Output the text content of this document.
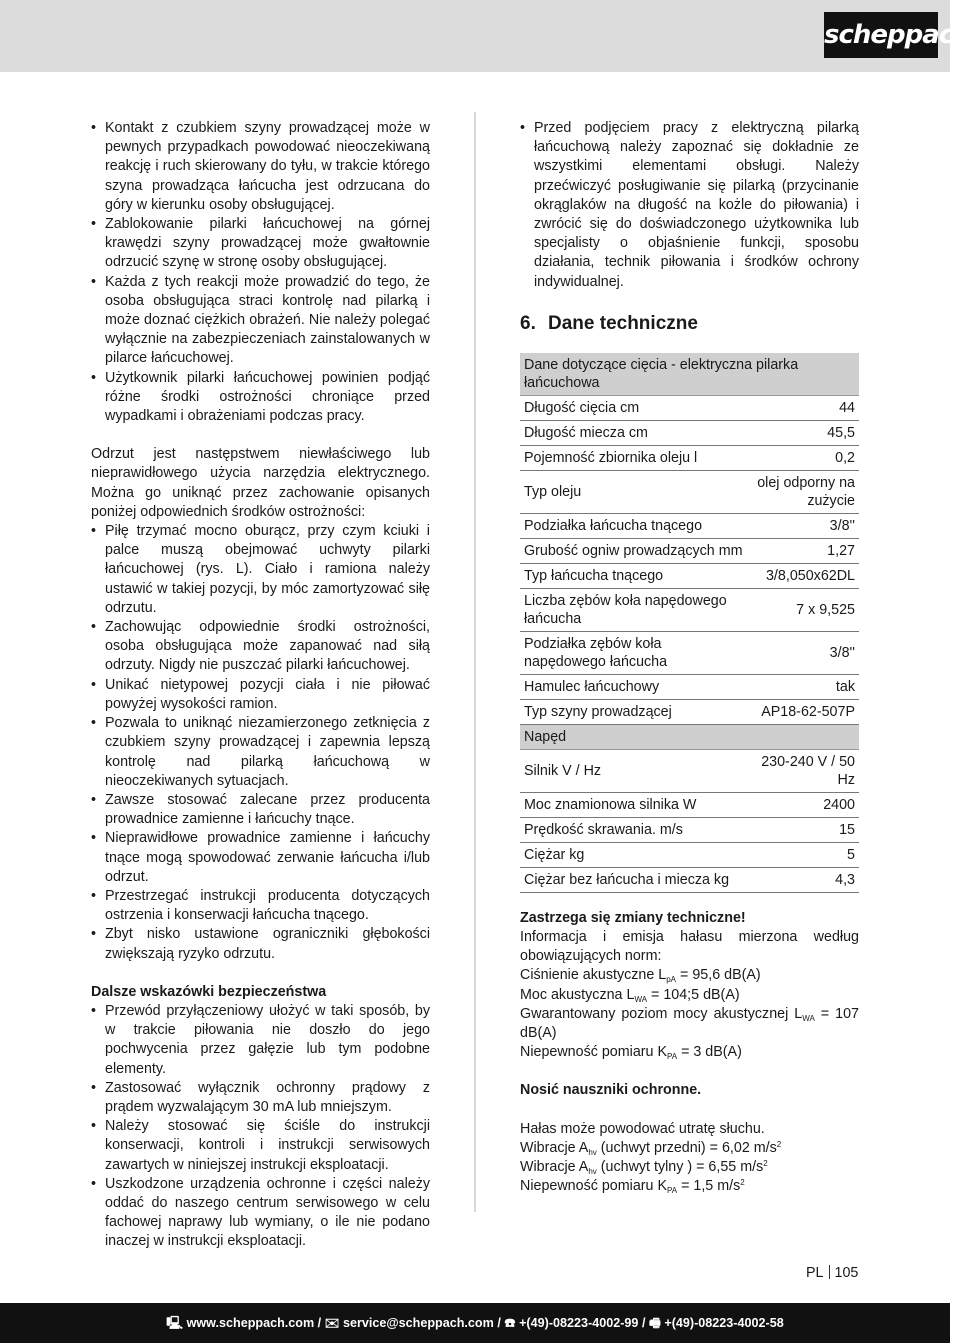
scheppach
• Kontakt z czubkiem szyny prowadzącej może w pewnych przypadkach powodować nieoczekiwaną reakcję i ruch skierowany do tyłu, w trakcie którego szyna prowadząca łańcucha jest odrzucana do góry w kierunku osoby obsługującej.
• Zablokowanie pilarki łańcuchowej na górnej krawędzi szyny prowadzącej może gwałtownie odrzucić szynę w stronę osoby obsługującej.
• Każda z tych reakcji może prowadzić do tego, że osoba obsługująca straci kontrolę nad pilarką i może doznać ciężkich obrażeń. Nie należy polegać wyłącznie na zabezpieczeniach zainstalowanych w pilarce łańcuchowej.
• Użytkownik pilarki łańcuchowej powinien podjąć różne środki ostrożności chroniące przed wypadkami i obrażeniami podczas pracy.

Odrzut jest następstwem niewłaściwego lub nieprawidłowego użycia narzędzia elektrycznego. Można go uniknąć przez zachowanie opisanych poniżej odpowiednich środków ostrożności:

• Piłę trzymać mocno oburącz, przy czym kciuki i palce muszą obejmować uchwyty pilarki łańcuchowej (rys. L). Ciało i ramiona należy ustawić w takiej pozycji, by móc zamortyzować siłę odrzutu.
• Zachowując odpowiednie środki ostrożności, osoba obsługująca może zapanować nad siłą odrzuty. Nigdy nie puszczać pilarki łańcuchowej.
• Unikać nietypowej pozycji ciała i nie piłować powyżej wysokości ramion.
• Pozwala to uniknąć niezamierzonego zetknięcia z czubkiem szyny prowadzącej i zapewnia lepszą kontrolę nad pilarką łańcuchową w nieoczekiwanych sytuacjach.
• Zawsze stosować zalecane przez producenta prowadnice zamienne i łańcuchy tnące.
• Nieprawidłowe prowadnice zamienne i łańcuchy tnące mogą spowodować zerwanie łańcucha i/lub odrzut.
• Przestrzegać instrukcji producenta dotyczących ostrzenia i konserwacji łańcucha tnącego.
• Zbyt nisko ustawione ograniczniki głębokości zwiększają ryzyko odrzutu.

Dalsze wskazówki bezpieczeństwa

• Przewód przyłączeniowy ułożyć w taki sposób, by w trakcie piłowania nie doszło do jego pochwycenia przez gałęzie lub tym podobne elementy.
• Zastosować wyłącznik ochronny prądowy z prądem wyzwalającym 30 mA lub mniejszym.
• Należy stosować się ściśle do instrukcji konserwacji, kontroli i instrukcji serwisowych zawartych w niniejszej instrukcji eksploatacji.
• Uszkodzone urządzenia ochronne i części należy oddać do naszego centrum serwisowego w celu fachowej naprawy lub wymiany, o ile nie podano inaczej w instrukcji eksploatacji.
• Przed podjęciem pracy z elektryczną pilarką łańcuchową należy zapoznać się dokładnie ze wszystkimi elementami obsługi. Należy przećwiczyć posługiwanie się pilarką (przycinanie okrąglaków na długość na kożle do piłowania) i zwrócić się do doświadczonego użytkownika lub specjalisty o objaśnienie funkcji, sposobu działania, technik piłowania i środków ochrony indywidualnej.
6. Dane techniczne
Dane dotyczące cięcia - elektryczna pilarka łańcuchowa	
Długość cięcia cm	44
Długość miecza cm	45,5
Pojemność zbiornika oleju l	0,2
Typ oleju	olej odporny na zużycie
Podziałka łańcucha tnącego	3/8''
Grubość ogniw prowadzących mm	1,27
Typ łańcucha tnącego	3/8,050x62DL
Liczba zębów koła napędowego łańcucha	7 x 9,525
Podziałka zębów koła napędowego łańcucha	3/8''
Hamulec łańcuchowy	tak
Typ szyny prowadzącej	AP18-62-507P
Napęd	
Silnik V / Hz	230-240 V / 50 Hz
Moc znamionowa silnika W	2400
Prędkość skrawania. m/s	15
Ciężar kg	5
Ciężar bez łańcucha i miecza kg	4,3

Zastrzega się zmiany techniczne!

Informacja i emisja hałasu mierzona według obowiązujących norm:

Ciśnienie akustyczne $L_{pA} = 95,6$ dB(A)

Moc akustyczna $L_{WA}$ = 104;5 dB(A)

Gwarantowany poziom mocy akustycznej $L_{WA} = 107$ dB(A)

Niepewność pomiaru $K_{PA} = 3$ dB(A)

Nosić nauszniki ochronne.

Hałas może powodować utratę słuchu.

Wibracje $A_{hv}$ (uchwyt przedni) = 6,02 $m/s^2$

Wibracje $A_{hv}$ (uchwyt tylny ) = 6,55 $m/s^2$

Niepewność pomiaru $K_{PA} = 1,5$ $m/s^2$

PL 105
🖳 www.scheppach.com / ✉ service@scheppach.com / ☎ +(49)-08223-4002-99 / 🖷 +(49)-08223-4002-58
